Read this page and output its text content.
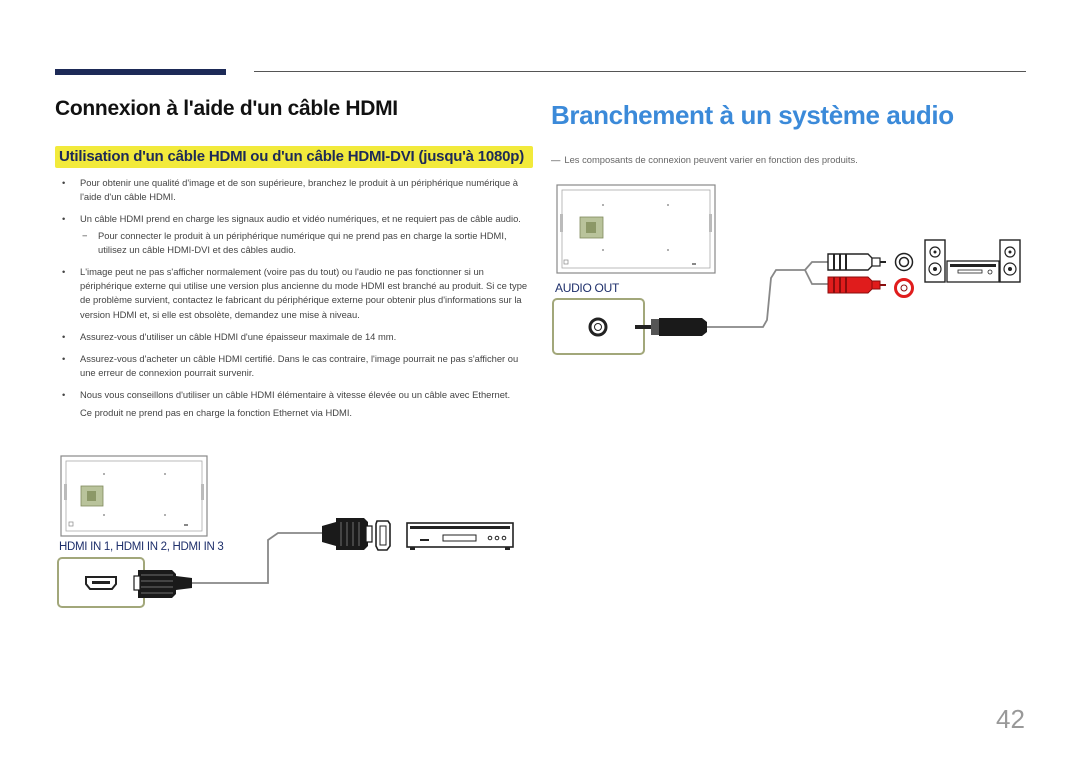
Connexion à l'aide d'un câble HDMI
Utilisation d'un câble HDMI ou d'un câble HDMI-DVI (jusqu'à 1080p)
• Pour obtenir une qualité d'image et de son supérieure, branchez le produit à un périphérique numérique à l'aide d'un câble HDMI.
• Un câble HDMI prend en charge les signaux audio et vidéo numériques, et ne requiert pas de câble audio.
− Pour connecter le produit à un périphérique numérique qui ne prend pas en charge la sortie HDMI, utilisez un câble HDMI-DVI et des câbles audio.
• L'image peut ne pas s'afficher normalement (voire pas du tout) ou l'audio ne pas fonctionner si un périphérique externe qui utilise une version plus ancienne du mode HDMI est branché au produit. Si ce type de problème survient, contactez le fabricant du périphérique externe pour obtenir plus d'informations sur la version HDMI et, si elle est obsolète, demandez une mise à niveau.
• Assurez-vous d'utiliser un câble HDMI d'une épaisseur maximale de 14 mm.
• Assurez-vous d'acheter un câble HDMI certifié. Dans le cas contraire, l'image pourrait ne pas s'afficher ou une erreur de connexion pourrait survenir.
• Nous vous conseillons d'utiliser un câble HDMI élémentaire à vitesse élevée ou un câble avec Ethernet.
Ce produit ne prend pas en charge la fonction Ethernet via HDMI.
HDMI IN 1, HDMI IN 2, HDMI IN 3
Branchement à un système audio
― Les composants de connexion peuvent varier en fonction des produits.
AUDIO OUT
42
